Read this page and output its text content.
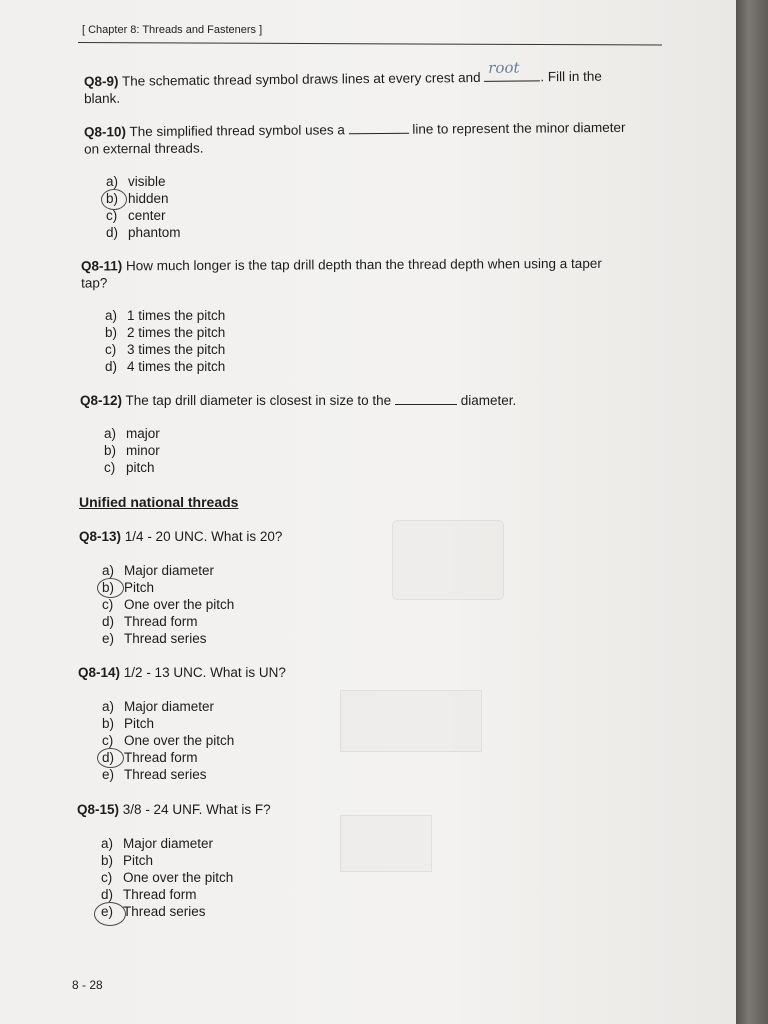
[ Chapter 8: Threads and Fasteners ]
Q8-9) The schematic thread symbol draws lines at every crest and
root . Fill in the
blank.
Q8-10) The simplified thread symbol uses a	line to represent the minor diameter
on external threads.
a) visible
b) hidden
c) center
d) phantom
Q8-11) How much longer is the tap drill depth than the thread depth when using a taper
tap?
a) 1 times the pitch
b) 2 times the pitch
c) 3 times the pitch
d) 4 times the pitch
Q8-12) The tap drill diameter is closest in size to the	diameter.
a) major
b) minor
c) pitch
Unified national threads
Q8-13) 1/4 - 20 UNC. What is 20?
a) Major diameter
b) Pitch
c) One over the pitch
d) Thread form
e) Thread series
Q8-14) 1/2 - 13 UNC. What is UN?
a) Major diameter
b) Pitch
c) One over the pitch
d) Thread form
e) Thread series
Q8-15) 3/8 - 24 UNF. What is F?
a) Major diameter
b) Pitch
c) One over the pitch
d) Thread form
e) Thread series
8 - 28
